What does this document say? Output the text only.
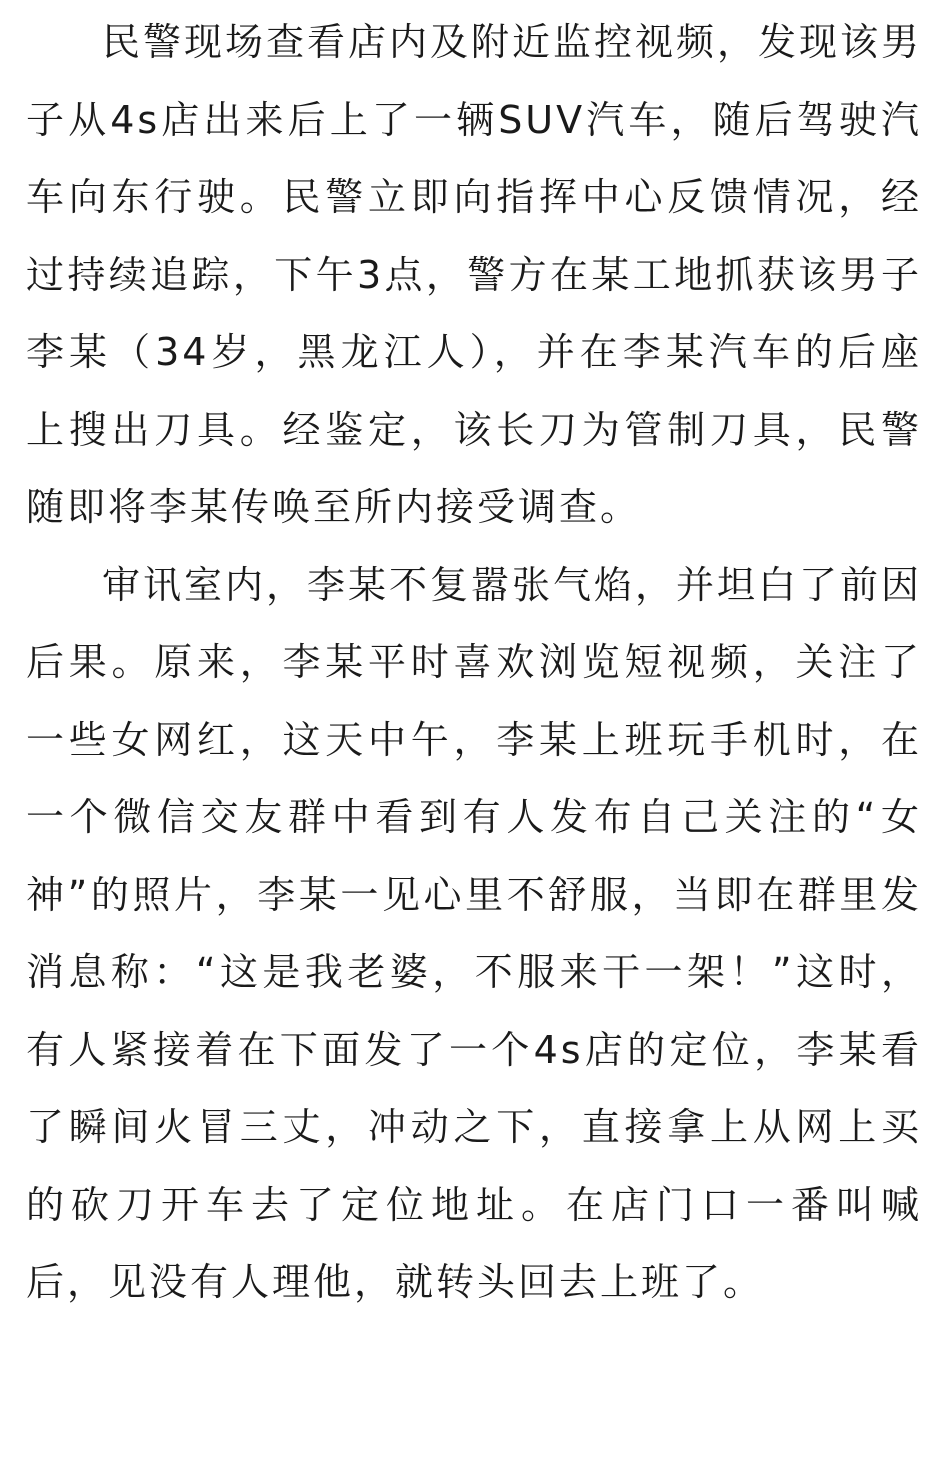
民警现场查看店内及附近监控视频，发现该男子从4s店出来后上了一辆SUV汽车，随后驾驶汽车向东行驶。民警立即向指挥中心反馈情况，经过持续追踪，下午3点，警方在某工地抓获该男子李某（34岁，黑龙江人），并在李某汽车的后座上搜出刀具。经鉴定，该长刀为管制刀具，民警随即将李某传唤至所内接受调查。

审讯室内，李某不复嚣张气焰，并坦白了前因后果。原来，李某平时喜欢浏览短视频，关注了一些女网红，这天中午，李某上班玩手机时，在一个微信交友群中看到有人发布自己关注的“女神”的照片，李某一见心里不舒服，当即在群里发消息称：“这是我老婆，不服来干一架！”这时，有人紧接着在下面发了一个4s店的定位，李某看了瞬间火冒三丈，冲动之下，直接拿上从网上买的砍刀开车去了定位地址。在店门口一番叫喊后，见没有人理他，就转头回去上班了。
